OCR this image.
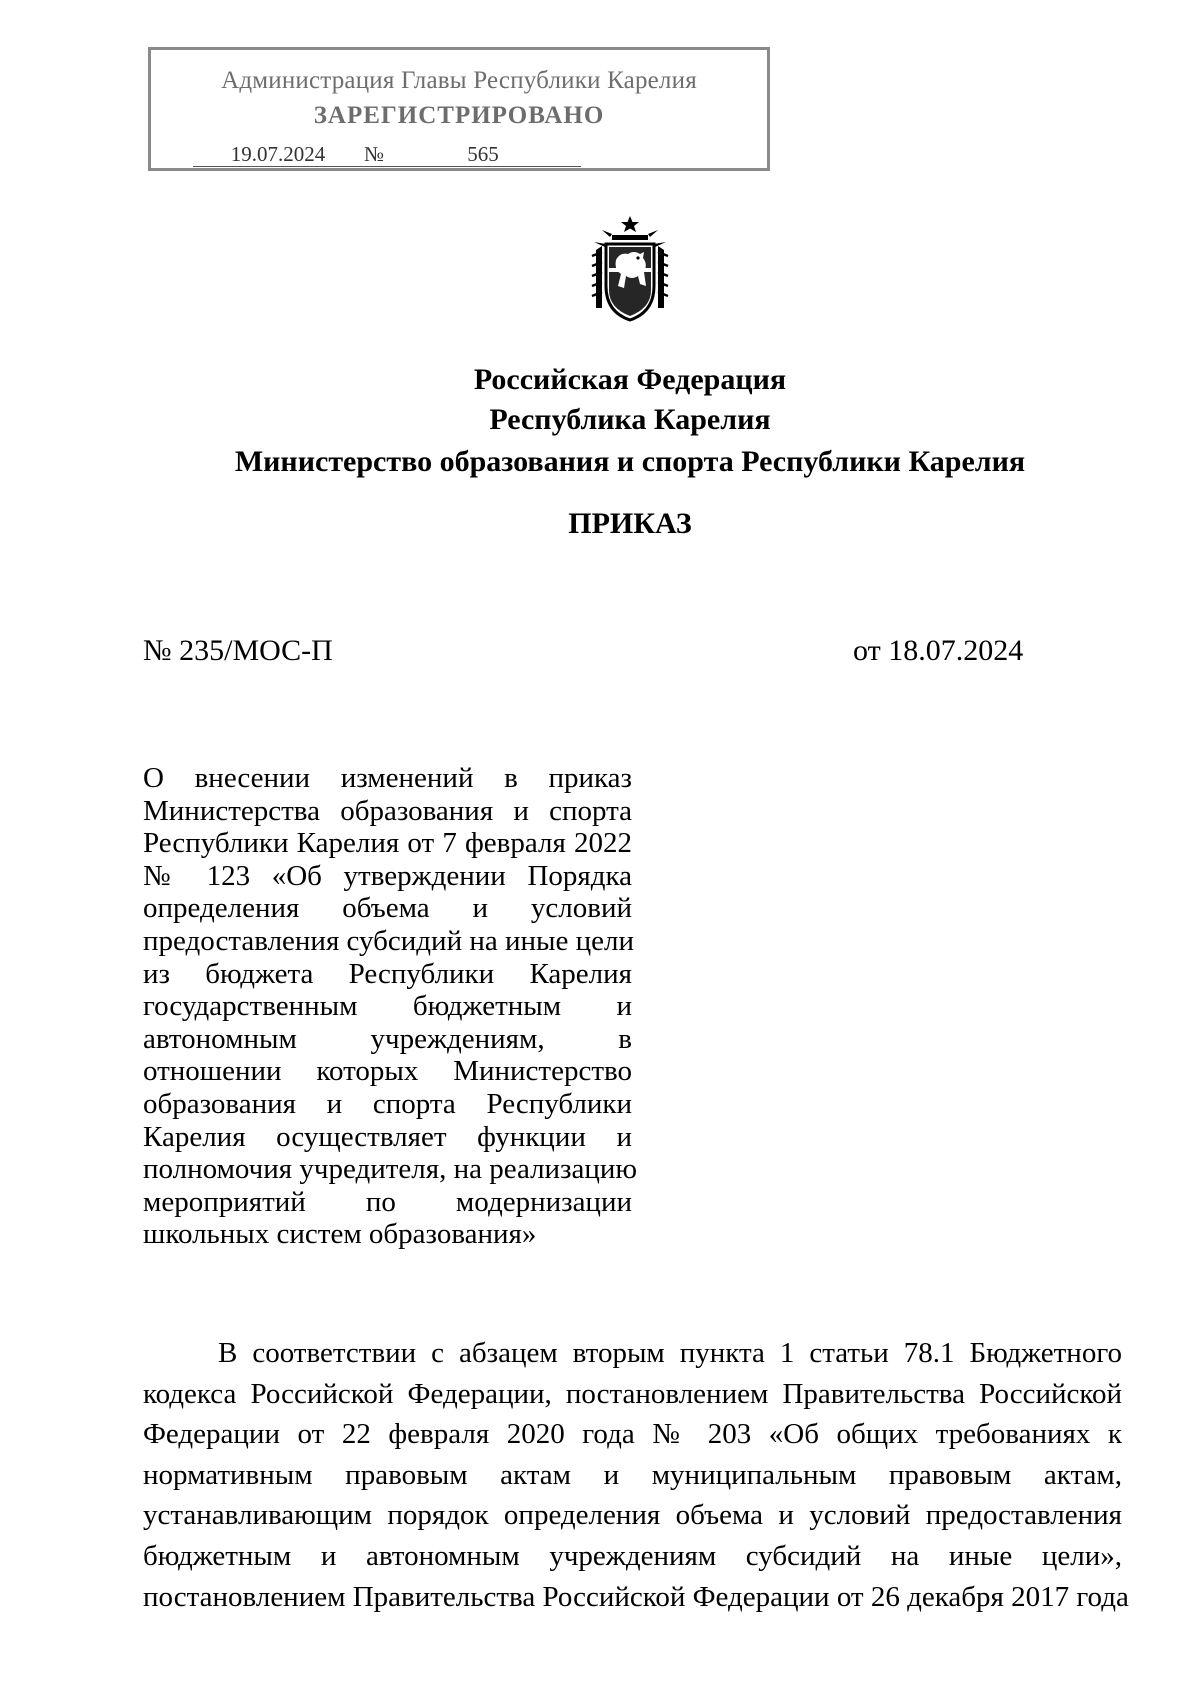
Администрация Главы Республики Карелия
ЗАРЕГИСТРИРОВАНО
19.07.2024 №	565
Российская Федерация
Республика Карелия
Министерство образования и спорта Республики Карелия
ПРИКАЗ
№ 235/МОС-П	от 18.07.2024
О внесении изменений в приказ
Министерства образования и спорта
Республики Карелия от 7 февраля 2022
№ 123 «Об утверждении Порядка
определения объема и условий
предоставления субсидий на иные цели
из бюджета Республики Карелия
государственным бюджетным и
автономным учреждениям, в
отношении которых Министерство
образования и спорта Республики
Карелия осуществляет функции и
полномочия учредителя, на реализацию
мероприятий по модернизации
школьных систем образования»
В соответствии с абзацем вторым пункта 1 статьи 78.1 Бюджетного
кодекса Российской Федерации, постановлением Правительства Российской
Федерации от 22 февраля 2020 года № 203 «Об общих требованиях к
нормативным правовым актам и муниципальным правовым актам,
устанавливающим порядок определения объема и условий предоставления
бюджетным и автономным учреждениям субсидий на иные цели»,
постановлением Правительства Российской Федерации от 26 декабря 2017 года
